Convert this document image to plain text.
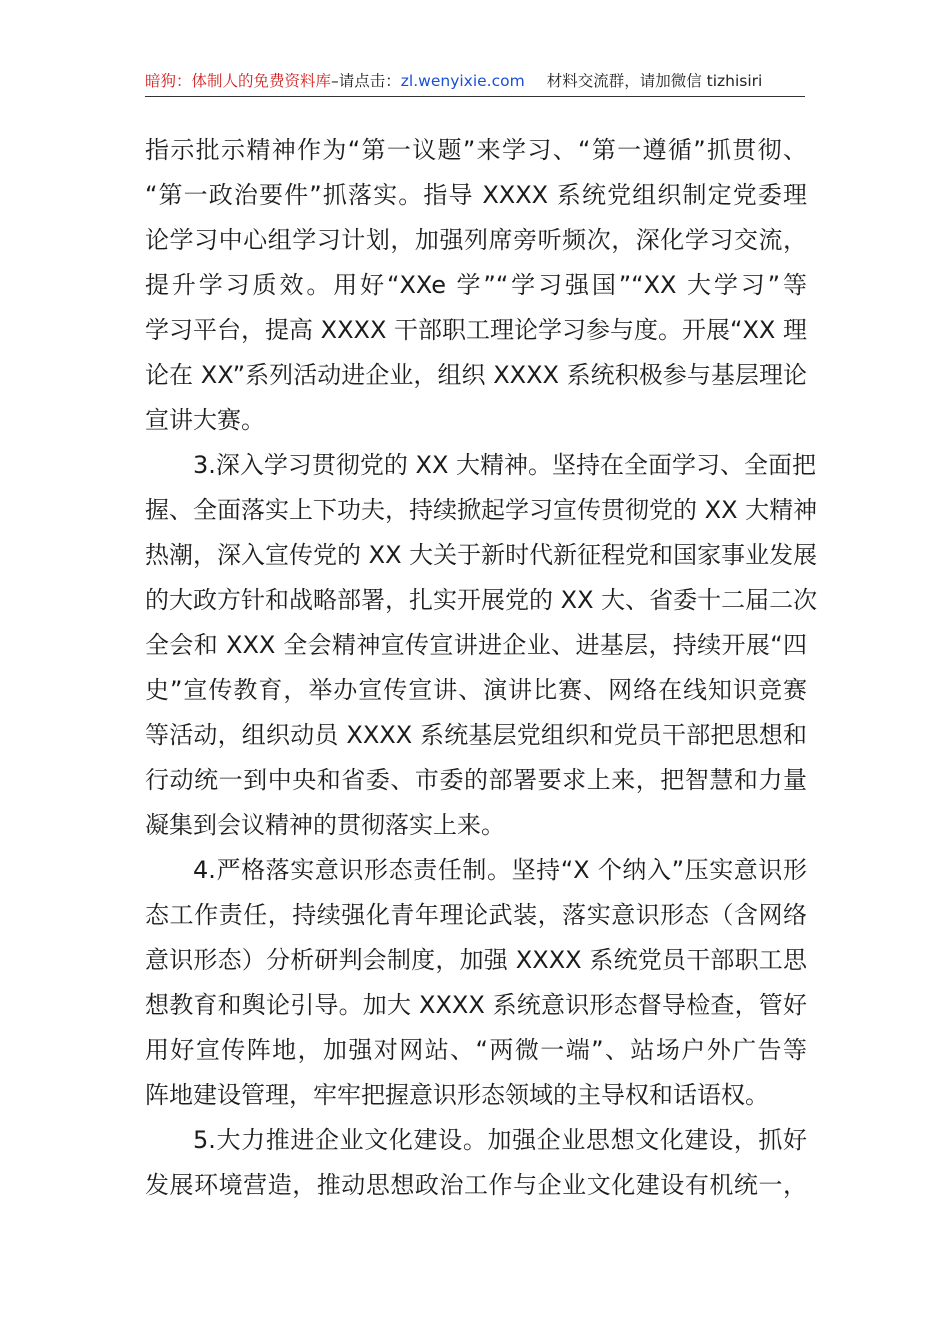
暗狗：体制人的免费资料库–请点击：zl.wenyixie.com 材料交流群，请加微信 tizhisiri
指示批示精神作为“第一议题”来学习、“第一遵循”抓贯彻、
“第一政治要件”抓落实。指导 XXXX 系统党组织制定党委理
论学习中心组学习计划，加强列席旁听频次，深化学习交流，
提升学习质效。用好“XXe 学”“学习强国”“XX 大学习”等
学习平台，提高 XXXX 干部职工理论学习参与度。开展“XX 理
论在 XX”系列活动进企业，组织 XXXX 系统积极参与基层理论
宣讲大赛。
3.深入学习贯彻党的 XX 大精神。坚持在全面学习、全面把
握、全面落实上下功夫，持续掀起学习宣传贯彻党的 XX 大精神
热潮，深入宣传党的 XX 大关于新时代新征程党和国家事业发展
的大政方针和战略部署，扎实开展党的 XX 大、省委十二届二次
全会和 XXX 全会精神宣传宣讲进企业、进基层，持续开展“四
史”宣传教育，举办宣传宣讲、演讲比赛、网络在线知识竞赛
等活动，组织动员 XXXX 系统基层党组织和党员干部把思想和
行动统一到中央和省委、市委的部署要求上来，把智慧和力量
凝集到会议精神的贯彻落实上来。
4.严格落实意识形态责任制。坚持“X 个纳入”压实意识形
态工作责任，持续强化青年理论武装，落实意识形态（含网络
意识形态）分析研判会制度，加强 XXXX 系统党员干部职工思
想教育和舆论引导。加大 XXXX 系统意识形态督导检查，管好
用好宣传阵地，加强对网站、“两微一端”、站场户外广告等
阵地建设管理，牢牢把握意识形态领域的主导权和话语权。
5.大力推进企业文化建设。加强企业思想文化建设，抓好
发展环境营造，推动思想政治工作与企业文化建设有机统一，
